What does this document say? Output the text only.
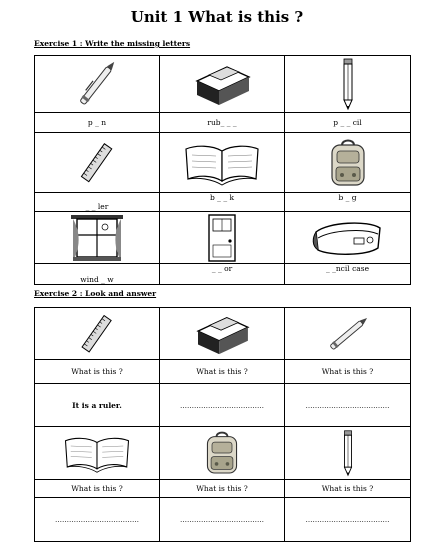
Unit 1 What is this ?
Exercise 1 : Write the missing letters

p _ n	rub_ _ _	p _ _ cil

_ _ ler	b _ _ k	b _ g

wind _ w	_ _ or	_ _ncil case
Exercise 2 : Look and answer

What is this ?	What is this ?	What is this ?
It is a ruler.	………………………………	………………………………

What is this ?	What is this ?	What is this ?
………………………………	………………………………	………………………………
